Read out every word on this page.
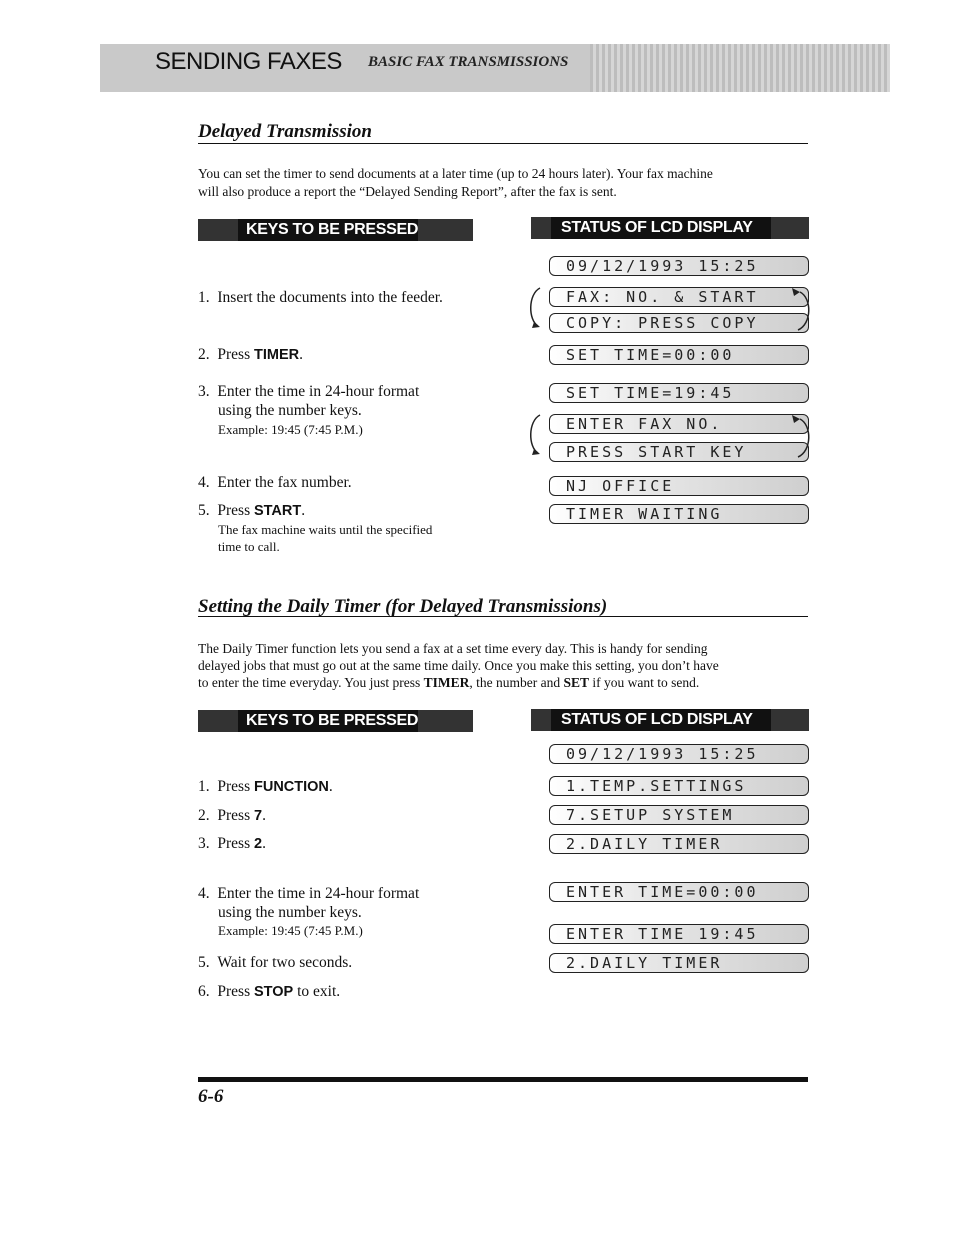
SENDING FAXES BASIC FAX TRANSMISSIONS
Delayed Transmission
You can set the timer to send documents at a later time (up to 24 hours later). Your fax machine
will also produce a report the “Delayed Sending Report”, after the fax is sent.
KEYS TO BE PRESSED	STATUS OF LCD DISPLAY
1. Insert the documents into the feeder.
2. Press TIMER.
3. Enter the time in 24-hour format
using the number keys.
Example: 19:45 (7:45 P.M.)
4. Enter the fax number.
5. Press START.
The fax machine waits until the specified
time to call.
09/12/1993 15:25
FAX: NO. & START
COPY: PRESS COPY
SET TIME=00:00
SET TIME=19:45
ENTER FAX NO.
PRESS START KEY
NJ OFFICE
TIMER WAITING
Setting the Daily Timer (for Delayed Transmissions)
The Daily Timer function lets you send a fax at a set time every day. This is handy for sending
delayed jobs that must go out at the same time daily. Once you make this setting, you don’t have
to enter the time everyday. You just press TIMER, the number and SET if you want to send.
KEYS TO BE PRESSED	STATUS OF LCD DISPLAY
1. Press FUNCTION.
2. Press 7.
3. Press 2.
4. Enter the time in 24-hour format
using the number keys.
Example: 19:45 (7:45 P.M.)
5. Wait for two seconds.
6. Press STOP to exit.
09/12/1993 15:25
1.TEMP.SETTINGS
7.SETUP SYSTEM
2.DAILY TIMER
ENTER TIME=00:00
ENTER TIME 19:45
2.DAILY TIMER
6-6
